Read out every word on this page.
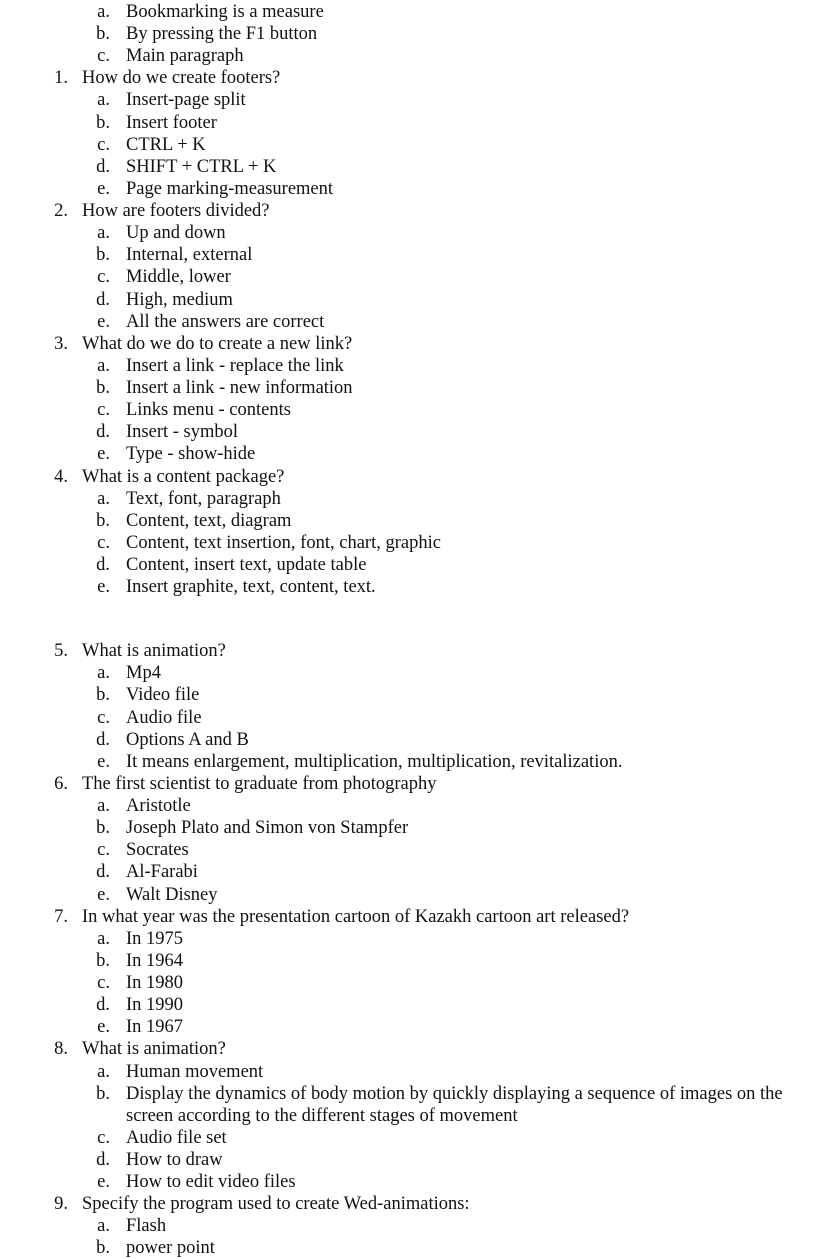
a. Bookmarking is a measure
b. By pressing the F1 button
c. Main paragraph
1. How do we create footers?
a. Insert-page split
b. Insert footer
c. CTRL + K
d. SHIFT + CTRL + K
e. Page marking-measurement
2. How are footers divided?
a. Up and down
b. Internal, external
c. Middle, lower
d. High, medium
e. All the answers are correct
3. What do we do to create a new link?
a. Insert a link - replace the link
b. Insert a link - new information
c. Links menu - contents
d. Insert - symbol
e. Type - show-hide
4. What is a content package?
a. Text, font, paragraph
b. Content, text, diagram
c. Content, text insertion, font, chart, graphic
d. Content, insert text, update table
e. Insert graphite, text, content, text.
5. What is animation?
a. Mp4
b. Video file
c. Audio file
d. Options A and B
e. It means enlargement, multiplication, multiplication, revitalization.
6. The first scientist to graduate from photography
a. Aristotle
b. Joseph Plato and Simon von Stampfer
c. Socrates
d. Al-Farabi
e. Walt Disney
7. In what year was the presentation cartoon of Kazakh cartoon art released?
a. In 1975
b. In 1964
c. In 1980
d. In 1990
e. In 1967
8. What is animation?
a. Human movement
b. Display the dynamics of body motion by quickly displaying a sequence of images on the
screen according to the different stages of movement
c. Audio file set
d. How to draw
e. How to edit video files
9. Specify the program used to create Wed-animations:
a. Flash
b. power point
